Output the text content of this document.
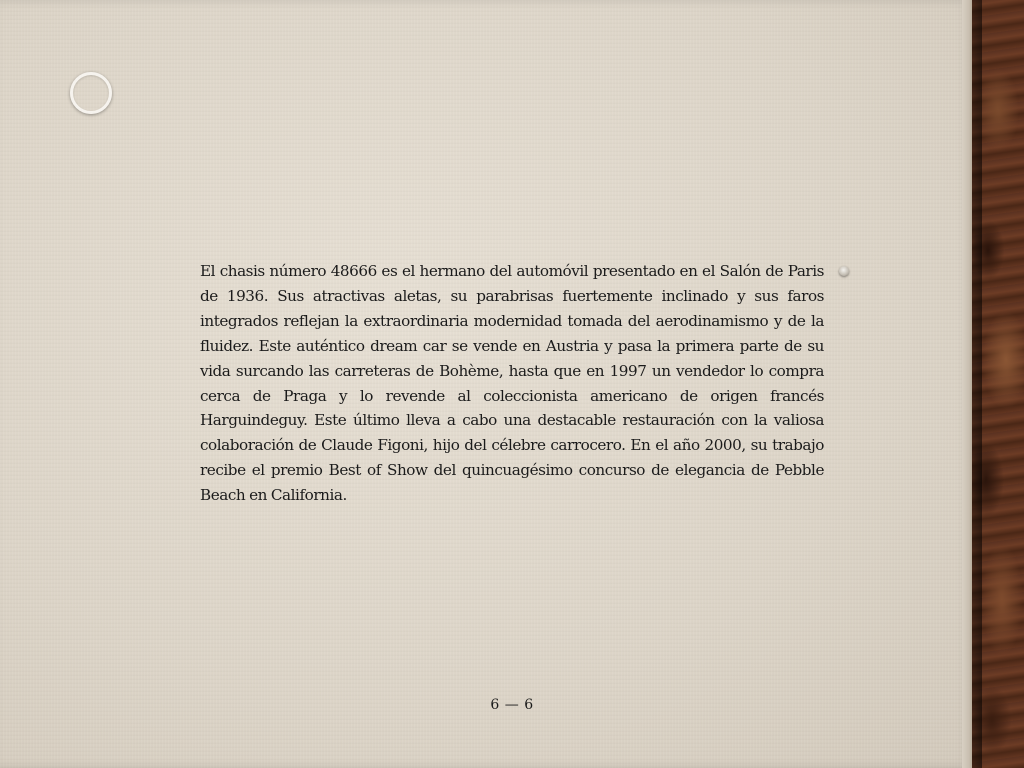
El chasis número 48666 es el hermano del automóvil presentado en el Salón de Paris de 1936. Sus atractivas aletas, su parabrisas fuertemente inclinado y sus faros integrados reflejan la extraordinaria modernidad tomada del aerodinamismo y de la fluidez. Este auténtico dream car se vende en Austria y pasa la primera parte de su vida surcando las carreteras de Bohème, hasta que en 1997 un vendedor lo compra cerca de Praga y lo revende al coleccionista americano de origen francés Harguindeguy. Este último lleva a cabo una destacable restauración con la valiosa colaboración de Claude Figoni, hijo del célebre carrocero. En el año 2000, su trabajo recibe el premio Best of Show del quincuagésimo concurso de elegancia de Pebble Beach en California.
6 — 6
